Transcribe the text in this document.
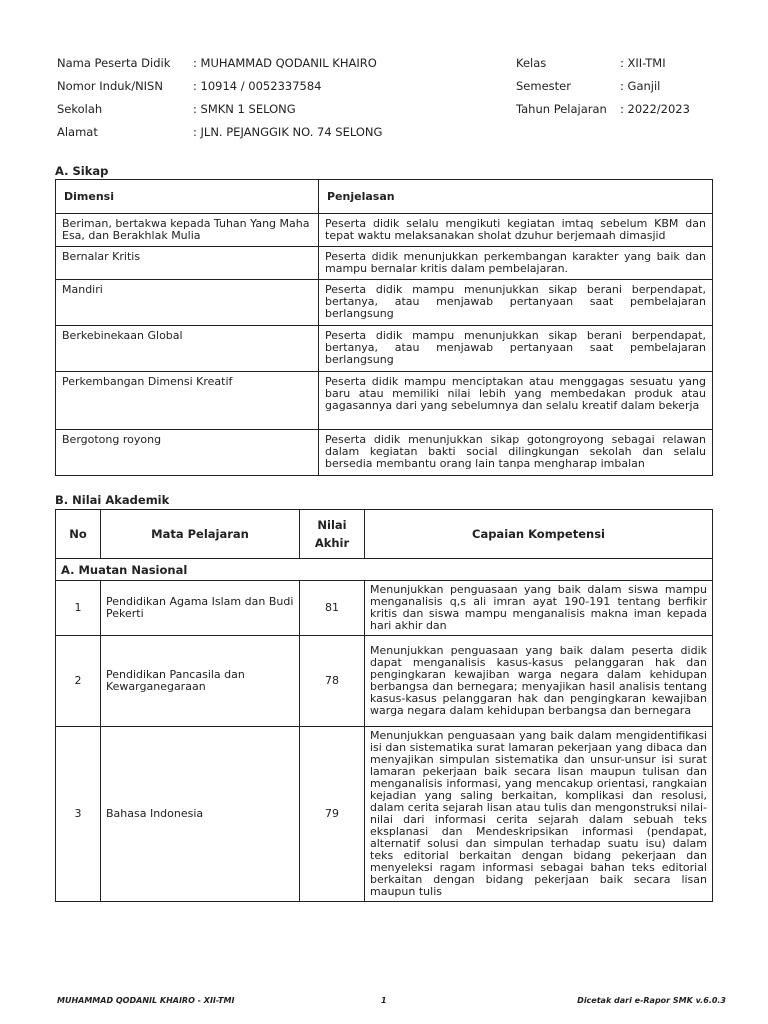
Nama Peserta Didik	: MUHAMMAD QODANIL KHAIRO
Nomor Induk/NISN	: 10914 / 0052337584
Sekolah	: SMKN 1 SELONG
Alamat	: JLN. PEJANGGIK NO. 74 SELONG
Kelas	: XII-TMI
Semester	: Ganjil
Tahun Pelajaran	: 2022/2023
A. Sikap
Dimensi	Penjelasan
Beriman, bertakwa kepada Tuhan Yang Maha Esa, dan Berakhlak Mulia	Peserta didik selalu mengikuti kegiatan imtaq sebelum KBM dan tepat waktu melaksanakan sholat dzuhur berjemaah dimasjid
Bernalar Kritis	Peserta didik menunjukkan perkembangan karakter yang baik dan mampu bernalar kritis dalam pembelajaran.
Mandiri	Peserta didik mampu menunjukkan sikap berani berpendapat, bertanya, atau menjawab pertanyaan saat pembelajaran berlangsung
Berkebinekaan Global	Peserta didik mampu menunjukkan sikap berani berpendapat, bertanya, atau menjawab pertanyaan saat pembelajaran berlangsung
Perkembangan Dimensi Kreatif	Peserta didik mampu menciptakan atau menggagas sesuatu yang baru atau memiliki nilai lebih yang membedakan produk atau gagasannya dari yang sebelumnya dan selalu kreatif dalam bekerja
Bergotong royong	Peserta didik menunjukkan sikap gotongroyong sebagai relawan dalam kegiatan bakti social dilingkungan sekolah dan selalu bersedia membantu orang lain tanpa mengharap imbalan
B. Nilai Akademik
No	Mata Pelajaran	Nilai
Akhir	Capaian Kompetensi
A. Muatan Nasional			
1	Pendidikan Agama Islam dan Budi Pekerti	81	Menunjukkan penguasaan yang baik dalam siswa mampu menganalisis q,s ali imran ayat 190-191 tentang berfikir kritis dan siswa mampu menganalisis makna iman kepada hari akhir dan
2	Pendidikan Pancasila dan Kewarganegaraan	78	Menunjukkan penguasaan yang baik dalam peserta didik dapat menganalisis kasus-kasus pelanggaran hak dan pengingkaran kewajiban warga negara dalam kehidupan berbangsa dan bernegara; menyajikan hasil analisis tentang kasus-kasus pelanggaran hak dan pengingkaran kewajiban warga negara dalam kehidupan berbangsa dan bernegara
3	Bahasa Indonesia	79	Menunjukkan penguasaan yang baik dalam mengidentifikasi isi dan sistematika surat lamaran pekerjaan yang dibaca dan menyajikan simpulan sistematika dan unsur-unsur isi surat lamaran pekerjaan baik secara lisan maupun tulisan dan menganalisis informasi, yang mencakup orientasi, rangkaian kejadian yang saling berkaitan, komplikasi dan resolusi, dalam cerita sejarah lisan atau tulis dan mengonstruksi nilai-nilai dari informasi cerita sejarah dalam sebuah teks eksplanasi dan Mendeskripsikan informasi (pendapat, alternatif solusi dan simpulan terhadap suatu isu) dalam teks editorial berkaitan dengan bidang pekerjaan dan menyeleksi ragam informasi sebagai bahan teks editorial berkaitan dengan bidang pekerjaan baik secara lisan maupun tulis
MUHAMMAD QODANIL KHAIRO - XII-TMI	1	Dicetak dari e-Rapor SMK v.6.0.3
